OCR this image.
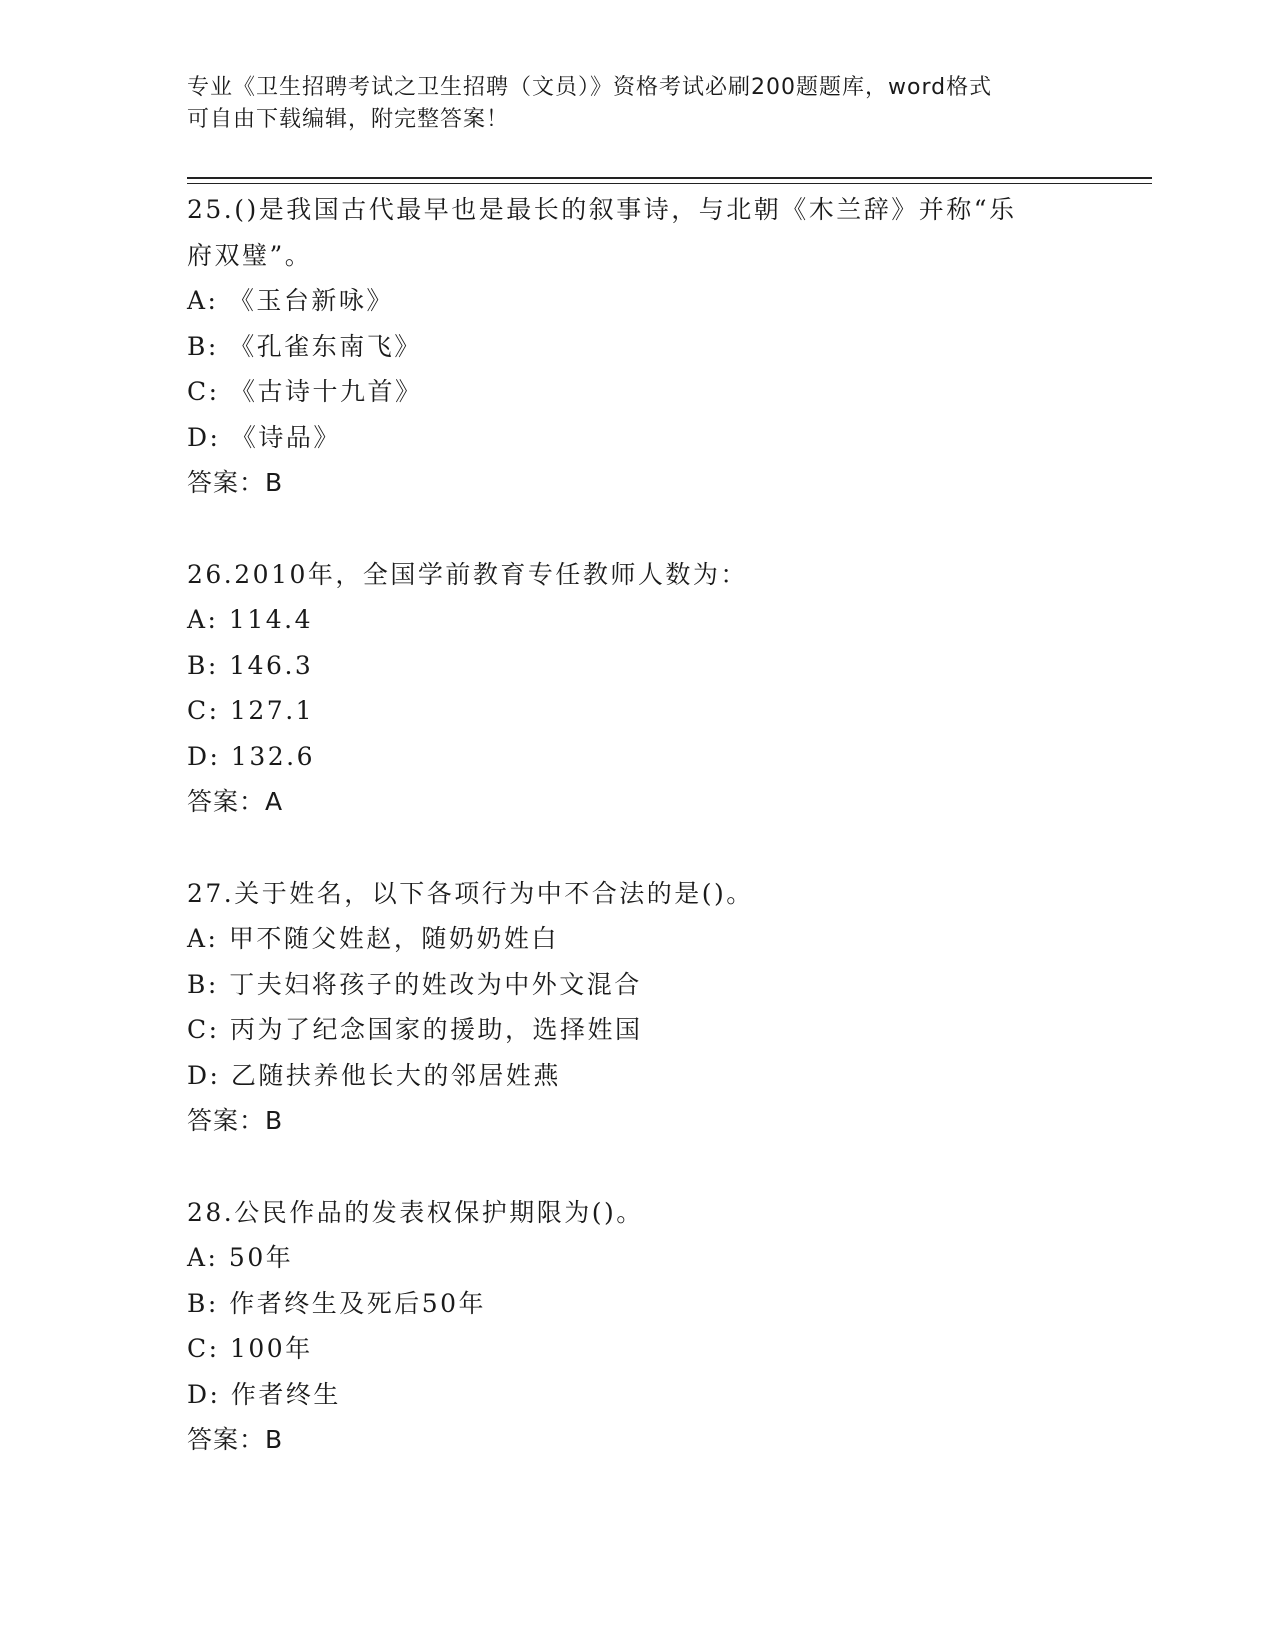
专业《卫生招聘考试之卫生招聘（文员）》资格考试必刷200题题库，word格式
可自由下载编辑，附完整答案！
25.()是我国古代最早也是最长的叙事诗，与北朝《木兰辞》并称“乐
府双璧”。
A: 《玉台新咏》
B: 《孔雀东南飞》
C: 《古诗十九首》
D: 《诗品》
答案：B
26.2010年，全国学前教育专任教师人数为：
A: 114.4
B: 146.3
C: 127.1
D: 132.6
答案：A
27.关于姓名，以下各项行为中不合法的是()。
A: 甲不随父姓赵，随奶奶姓白
B: 丁夫妇将孩子的姓改为中外文混合
C: 丙为了纪念国家的援助，选择姓国
D: 乙随扶养他长大的邻居姓燕
答案：B
28.公民作品的发表权保护期限为()。
A: 50年
B: 作者终生及死后50年
C: 100年
D: 作者终生
答案：B
